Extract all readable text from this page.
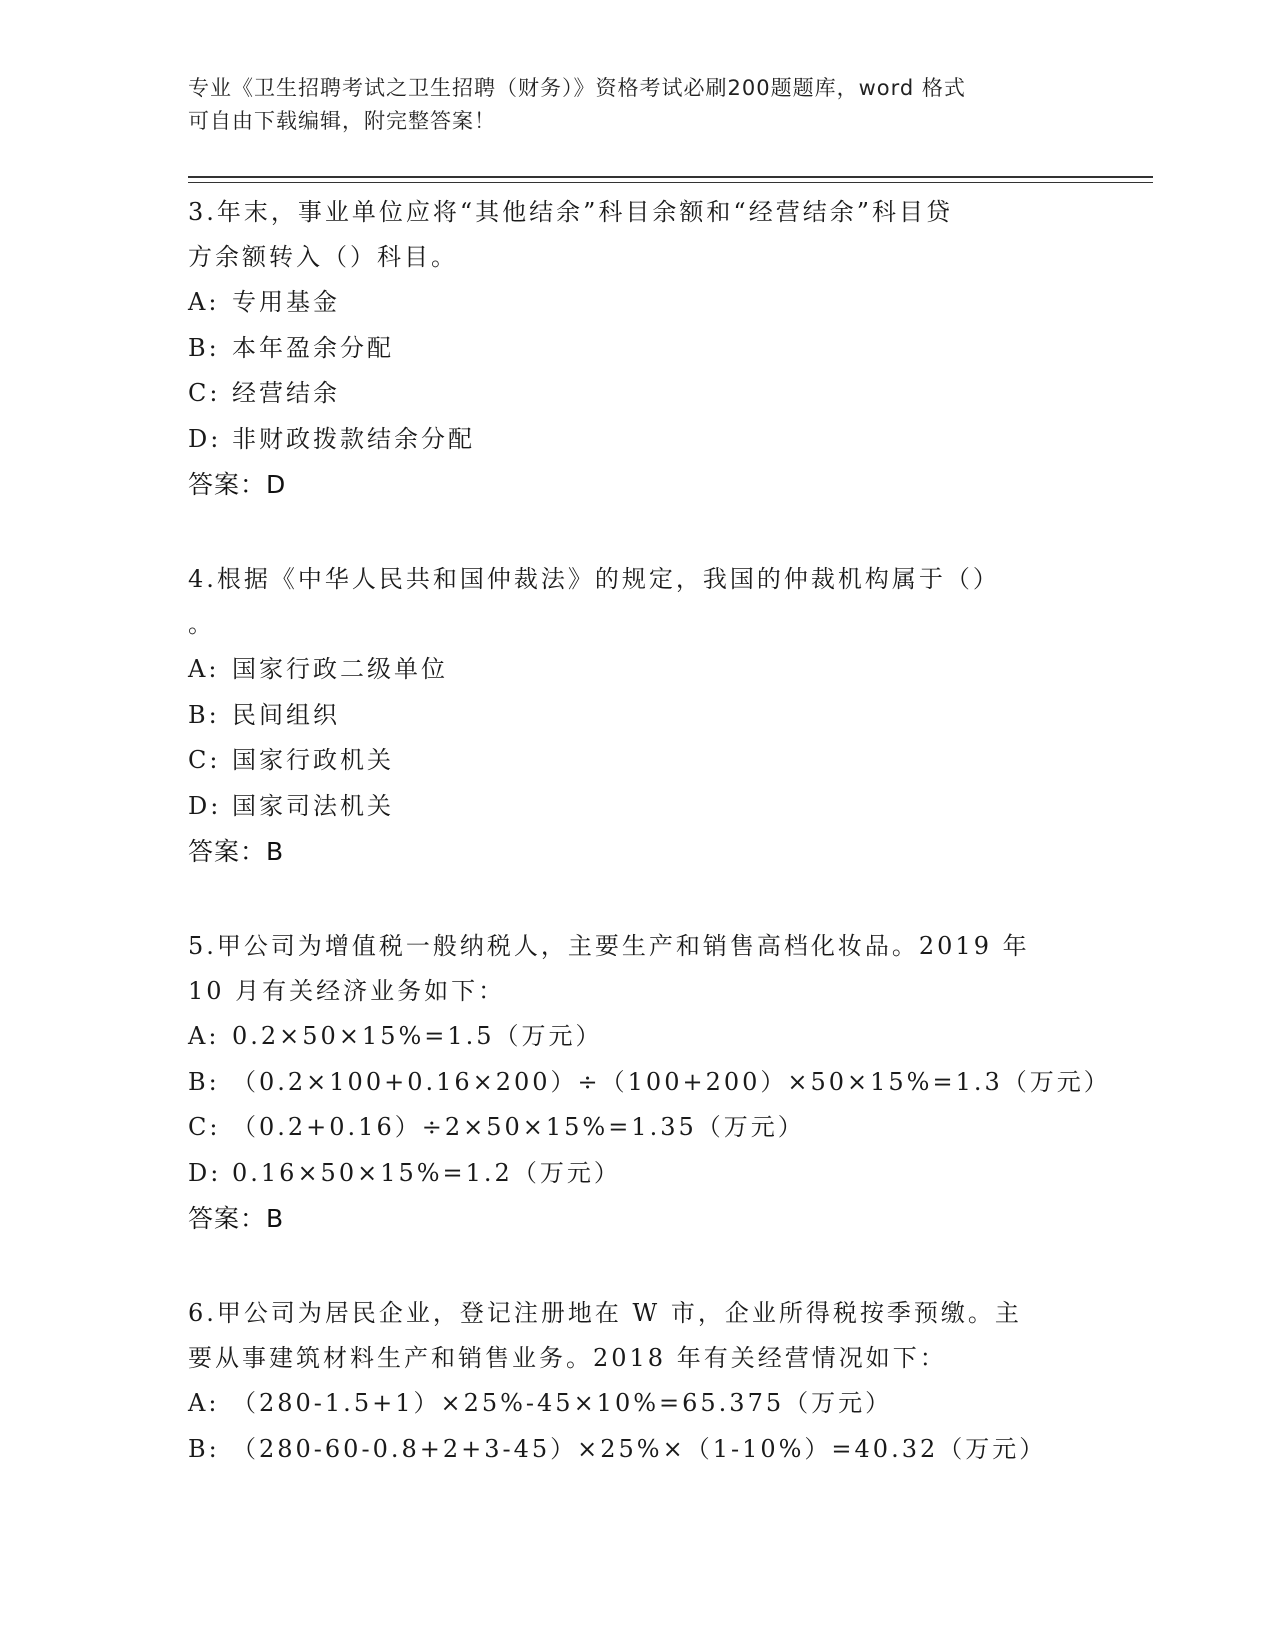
专业《卫生招聘考试之卫生招聘（财务）》资格考试必刷200题题库，word 格式
可自由下载编辑，附完整答案！
3.年末，事业单位应将“其他结余”科目余额和“经营结余”科目贷
方余额转入（）科目。
A: 专用基金
B: 本年盈余分配
C: 经营结余
D: 非财政拨款结余分配
答案：D
4.根据《中华人民共和国仲裁法》的规定，我国的仲裁机构属于（）
。
A: 国家行政二级单位
B: 民间组织
C: 国家行政机关
D: 国家司法机关
答案：B
5.甲公司为增值税一般纳税人，主要生产和销售高档化妆品。2019 年
10 月有关经济业务如下：
A: 0.2×50×15%=1.5（万元）
B: （0.2×100+0.16×200）÷（100+200）×50×15%=1.3（万元）
C: （0.2+0.16）÷2×50×15%=1.35（万元）
D: 0.16×50×15%=1.2（万元）
答案：B
6.甲公司为居民企业，登记注册地在 W 市，企业所得税按季预缴。主
要从事建筑材料生产和销售业务。2018 年有关经营情况如下：
A: （280-1.5+1）×25%-45×10%=65.375（万元）
B: （280-60-0.8+2+3-45）×25%×（1-10%）=40.32（万元）
